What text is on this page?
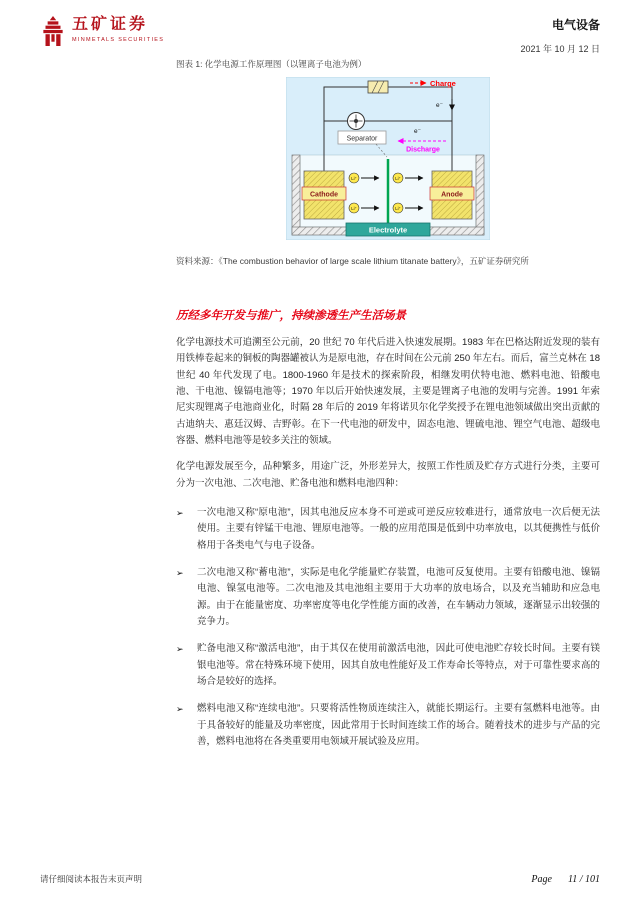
五矿证券
MINMETALS SECURITIES
电气设备
2021 年 10 月 12 日
图表 1: 化学电源工作原理图（以锂离子电池为例）
Charge
e⁻
e⁻
Separator
Discharge
Cathode	Anode
Li⁺	Li⁺
Li⁺	Li⁺
Electrolyte
资料来源：《The combustion behavior of large scale lithium titanate battery》，五矿证券研究所
历经多年开发与推广，持续渗透生产生活场景

化学电源技术可追溯至公元前，20 世纪 70 年代后进入快速发展期。1983 年在巴格达附近发现的装有用铁棒卷起来的铜板的陶器罐被认为是原电池，存在时间在公元前 250 年左右。而后，富兰克林在 18 世纪 40 年代发现了电。1800-1960 年是技术的探索阶段，相继发明伏特电池、燃料电池、铅酸电池、干电池、镍镉电池等；1970 年以后开始快速发展，主要是锂离子电池的发明与完善。1991 年索尼实现锂离子电池商业化，时隔 28 年后的 2019 年将诺贝尔化学奖授予在锂电池领域做出突出贡献的古迪纳夫、惠廷汉姆、吉野彰。在下一代电池的研发中，固态电池、锂硫电池、锂空气电池、超级电容器、燃料电池等是较多关注的领域。

化学电源发展至今，品种繁多，用途广泛，外形差异大，按照工作性质及贮存方式进行分类，主要可分为一次电池、二次电池、贮备电池和燃料电池四种：

➢	一次电池又称“原电池”，因其电池反应本身不可逆或可逆反应较难进行，通常放电一次后便无法使用。主要有锌锰干电池、锂原电池等。一般的应用范围是低到中功率放电，以其便携性与低价格用于各类电气与电子设备。
➢	二次电池又称“蓄电池”，实际是电化学能量贮存装置，电池可反复使用。主要有铅酸电池、镍镉电池、镍氢电池等。二次电池及其电池组主要用于大功率的放电场合，以及充当辅助和应急电源。由于在能量密度、功率密度等电化学性能方面的改善，在车辆动力领域，逐渐显示出较强的竞争力。
➢	贮备电池又称“激活电池”，由于其仅在使用前激活电池，因此可使电池贮存较长时间。主要有镁银电池等。常在特殊环境下使用，因其自放电性能好及工作寿命长等特点，对于可靠性要求高的场合是较好的选择。
➢	燃料电池又称“连续电池”。只要将活性物质连续注入，就能长期运行。主要有氢燃料电池等。由于具备较好的能量及功率密度，因此常用于长时间连续工作的场合。随着技术的进步与产品的完善，燃料电池将在各类重要用电领域开展试验及应用。
请仔细阅读本报告末页声明	Page 11 / 101
